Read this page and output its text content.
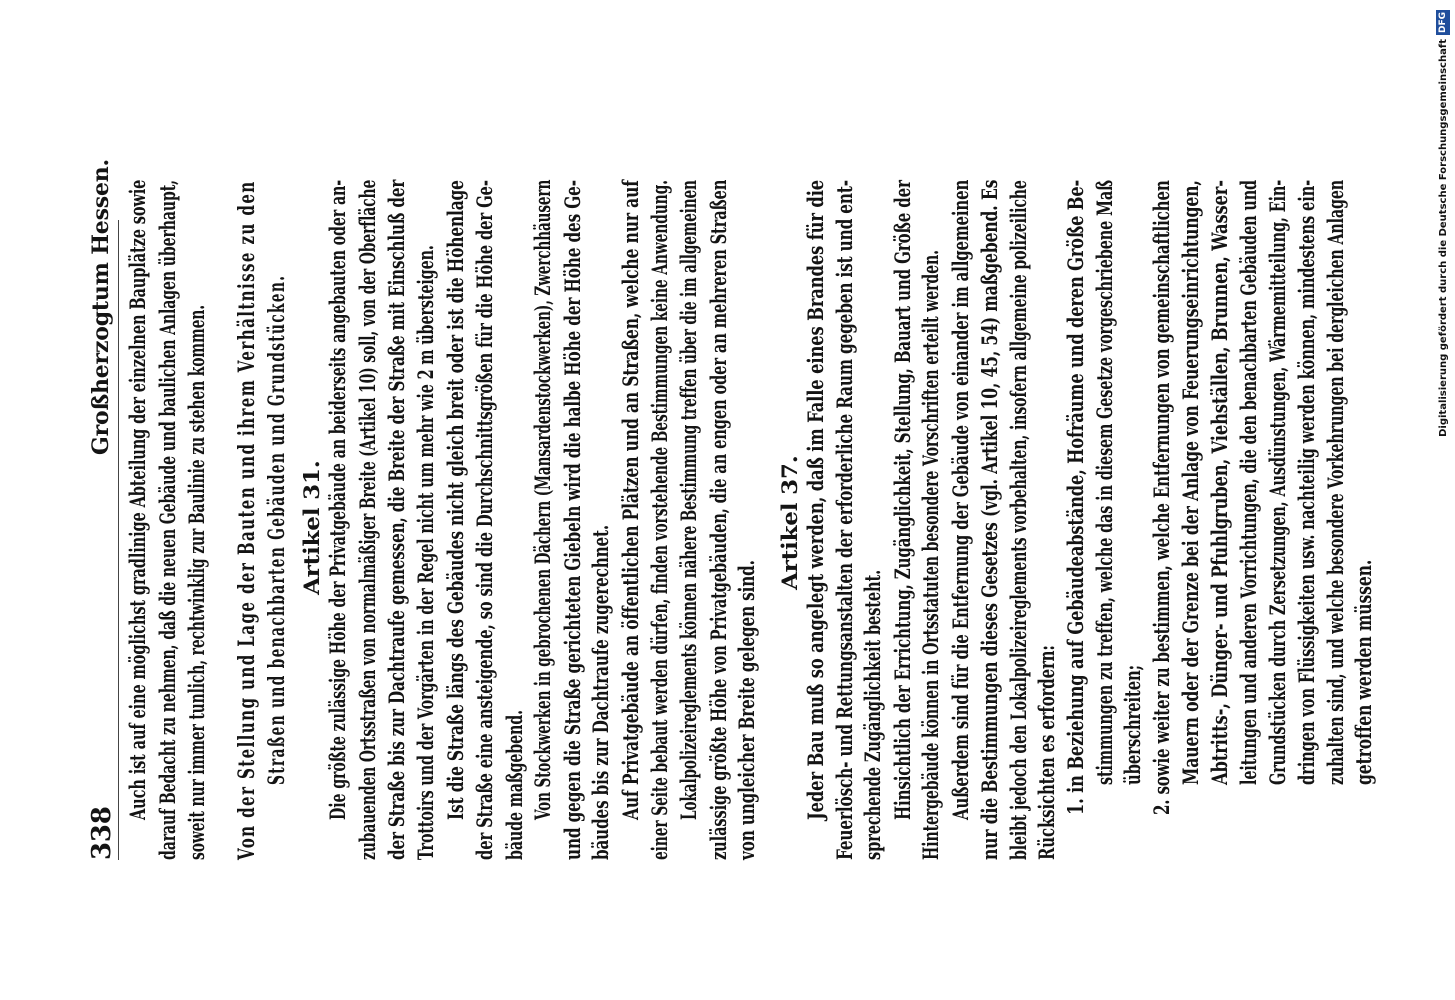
338
Großherzogtum Hessen. Auch ist auf eine möglichst gradlinige Abteilung der einzelnen Bauplätze sowie darauf Bedacht zu nehmen, daß die neuen Gebäude und baulichen Anlagen überhaupt, soweit nur immer tunlich, rechtwinklig zur Baulinie zu stehen kommen. Von der Stellung und Lage der Bauten und ihrem Verhältnisse zu den Straßen und benachbarten Gebäuden und Grundstücken. Artikel 31. Die größte zulässige Höhe der Privatgebäude an beiderseits angebauten oder an- zubauenden Ortsstraßen von normalmäßiger Breite (Artikel 10) soll, von der Oberfläche der Straße bis zur Dachtraufe gemessen, die Breite der Straße mit Einschluß der Trottoirs und der Vorgärten in der Regel nicht um mehr wie 2 m übersteigen. Ist die Straße längs des Gebäudes nicht gleich breit oder ist die Höhenlage der Straße eine ansteigende, so sind die Durchschnittsgrößen für die Höhe der Ge- bäude maßgebend. Von Stockwerken in gebrochenen Dächern (Mansardenstockwerken), Zwerchhäusern und gegen die Straße gerichteten Giebeln wird die halbe Höhe der Höhe des Ge- bäudes bis zur Dachtraufe zugerechnet. Auf Privatgebäude an öffentlichen Plätzen und an Straßen, welche nur auf einer Seite bebaut werden dürfen, finden vorstehende Bestimmungen keine Anwendung. Lokalpolizeireglements können nähere Bestimmung treffen über die im allgemeinen zulässige größte Höhe von Privatgebäuden, die an engen oder an mehreren Straßen von ungleicher Breite gelegen sind.
Artikel 37. Jeder Bau muß so angelegt werden, daß im Falle eines Brandes für die Feuerlösch- und Rettungsanstalten der erforderliche Raum gegeben ist und ent- sprechende Zugänglichkeit besteht. Hinsichtlich der Errichtung, Zugänglichkeit, Stellung, Bauart und Größe der Hintergebäude können in Ortsstatuten besondere Vorschriften erteilt werden. Außerdem sind für die Entfernung der Gebäude von einander im allgemeinen nur die Bestimmungen dieses Gesetzes (vgl. Artikel 10, 45, 54) maßgebend. Es bleibt jedoch den Lokalpolizeireglements vorbehalten, insofern allgemeine polizeiliche Rücksichten es erfordern: 1. in Beziehung auf Gebäudeabstände, Hofräume und deren Größe Be- stimmungen zu treffen, welche das in diesem Gesetze vorgeschriebene Maß überschreiten; 2. sowie weiter zu bestimmen, welche Entfernungen von gemeinschaftlichen Mauern oder der Grenze bei der Anlage von Feuerungseinrichtungen, Abtritts-, Dünger- und Pfuhlgruben, Viehställen, Brunnen, Wasser- leitungen und anderen Vorrichtungen, die den benachbarten Gebäuden und Grundstücken durch Zersetzungen, Ausdünstungen, Wärmemitteilung, Ein- dringen von Flüssigkeiten usw. nachteilig werden können, mindestens ein- zuhalten sind, und welche besondere Vorkehrungen bei dergleichen Anlagen getroffen werden müssen.
Digitalisierung gefördert durch die Deutsche Forschungsgemeinschaft
DFG
